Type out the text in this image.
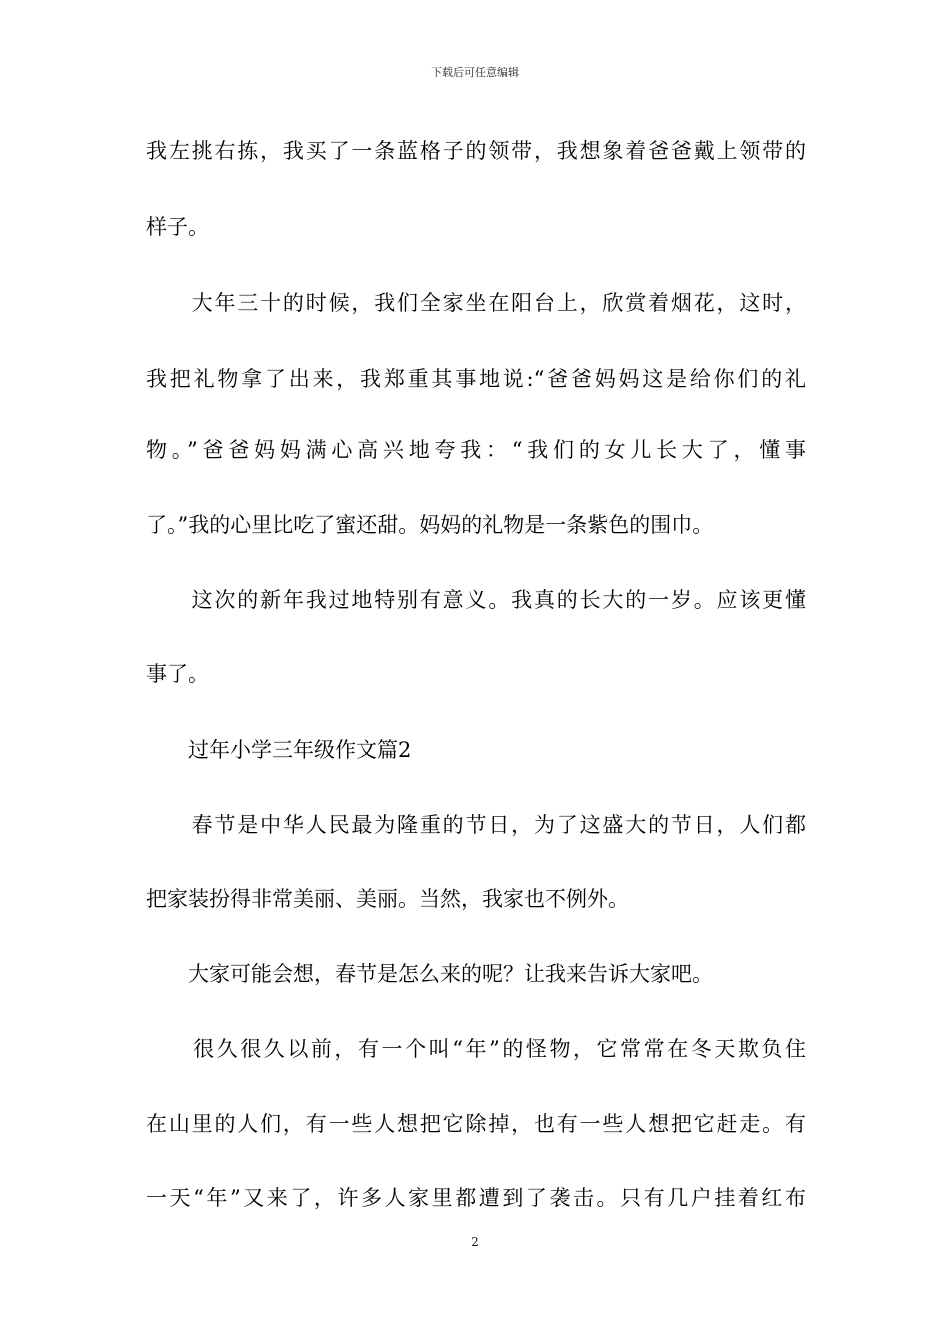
下载后可任意编辑
我左挑右拣，我买了一条蓝格子的领带，我想象着爸爸戴上领带的
样子。
　　大年三十的时候，我们全家坐在阳台上，欣赏着烟花，这时，
我把礼物拿了出来，我郑重其事地说:“爸爸妈妈这是给你们的礼
物。”爸爸妈妈满心高兴地夸我：“我们的女儿长大了，懂事
了。”我的心里比吃了蜜还甜。妈妈的礼物是一条紫色的围巾。
　　这次的新年我过地特别有意义。我真的长大的一岁。应该更懂
事了。
　　过年小学三年级作文篇2
　　春节是中华人民最为隆重的节日，为了这盛大的节日，人们都
把家装扮得非常美丽、美丽。当然，我家也不例外。
　　大家可能会想，春节是怎么来的呢？让我来告诉大家吧。
　　很久很久以前，有一个叫“年”的怪物，它常常在冬天欺负住
在山里的人们，有一些人想把它除掉，也有一些人想把它赶走。有
一天“年”又来了，许多人家里都遭到了袭击。只有几户挂着红布
2
